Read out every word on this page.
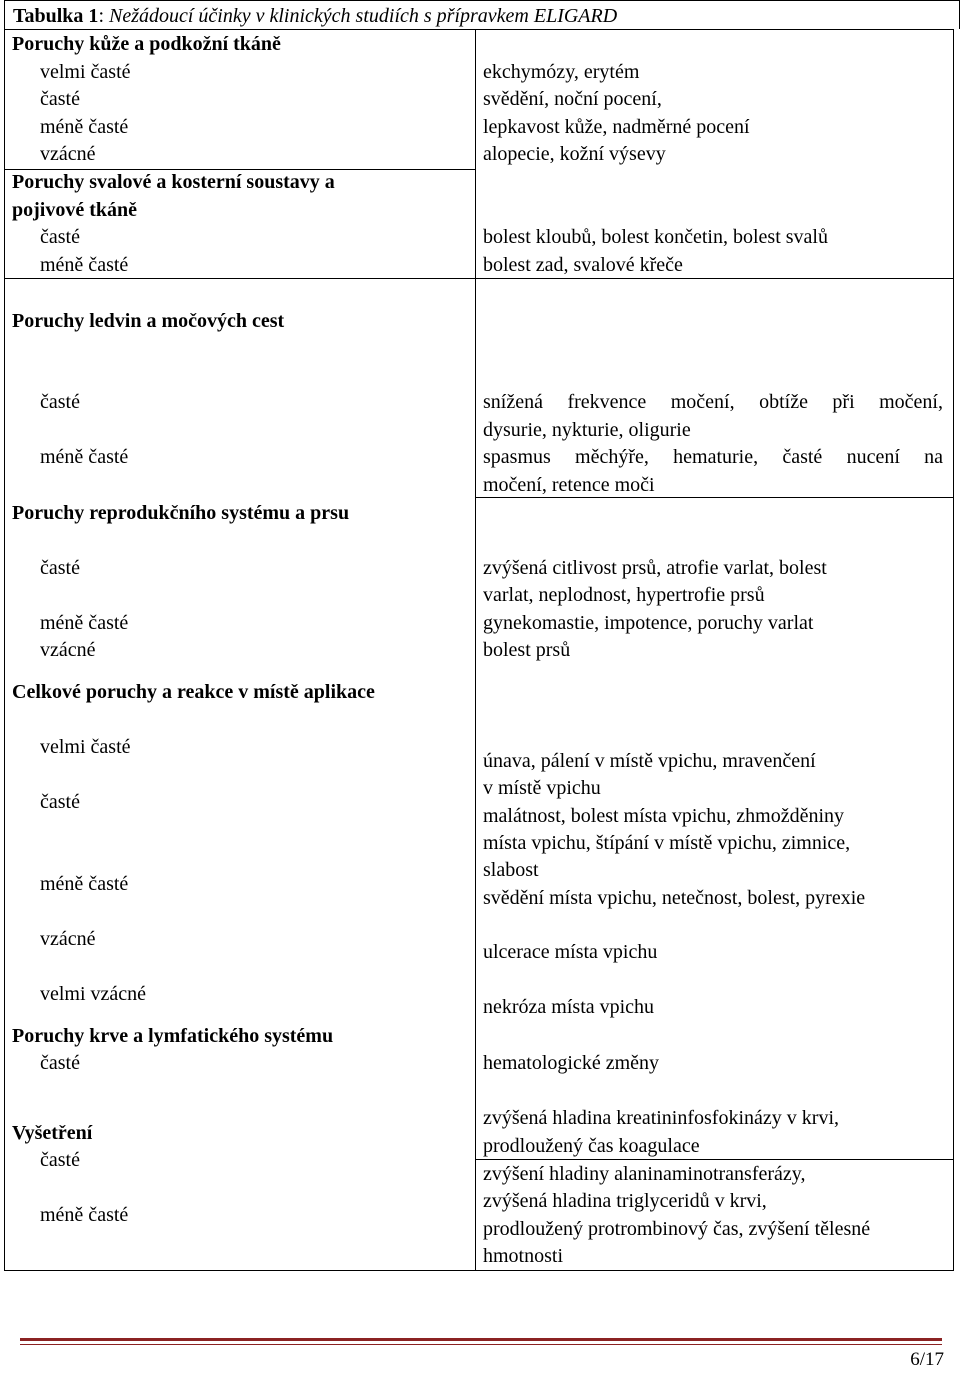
Tabulka 1: Nežádoucí účinky v klinických studiích s přípravkem ELIGARD
Poruchy kůže a podkožní tkáně
velmi časté
časté
méně časté
vzácné
Poruchy svalové a kosterní soustavy a
pojivové tkáně
časté
méně časté
Poruchy ledvin a močových cest
časté
méně časté
Poruchy reprodukčního systému a prsu
časté
méně časté
vzácné
Celkové poruchy a reakce v místě aplikace
velmi časté
časté
méně časté
vzácné
velmi vzácné
Poruchy krve a lymfatického systému
časté
Vyšetření
časté
méně časté
ekchymózy, erytém
svědění, noční pocení,
lepkavost kůže, nadměrné pocení
alopecie, kožní výsevy
bolest kloubů, bolest končetin, bolest svalů
bolest zad, svalové křeče
snížená frekvence močení, obtíže při močení,
dysurie, nykturie, oligurie
spasmus měchýře, hematurie, časté nucení na
močení, retence moči
zvýšená citlivost prsů, atrofie varlat, bolest
varlat, neplodnost, hypertrofie prsů
gynekomastie, impotence, poruchy varlat
bolest prsů
únava, pálení v místě vpichu, mravenčení
v místě vpichu
malátnost, bolest místa vpichu, zhmožděniny
místa vpichu, štípání v místě vpichu, zimnice,
slabost
svědění místa vpichu, netečnost, bolest, pyrexie
ulcerace místa vpichu
nekróza místa vpichu
hematologické změny
zvýšená hladina kreatininfosfokinázy v krvi,
prodloužený čas koagulace
zvýšení hladiny alaninaminotransferázy,
zvýšená hladina triglyceridů v krvi,
prodloužený protrombinový čas, zvýšení tělesné
hmotnosti
6/17
